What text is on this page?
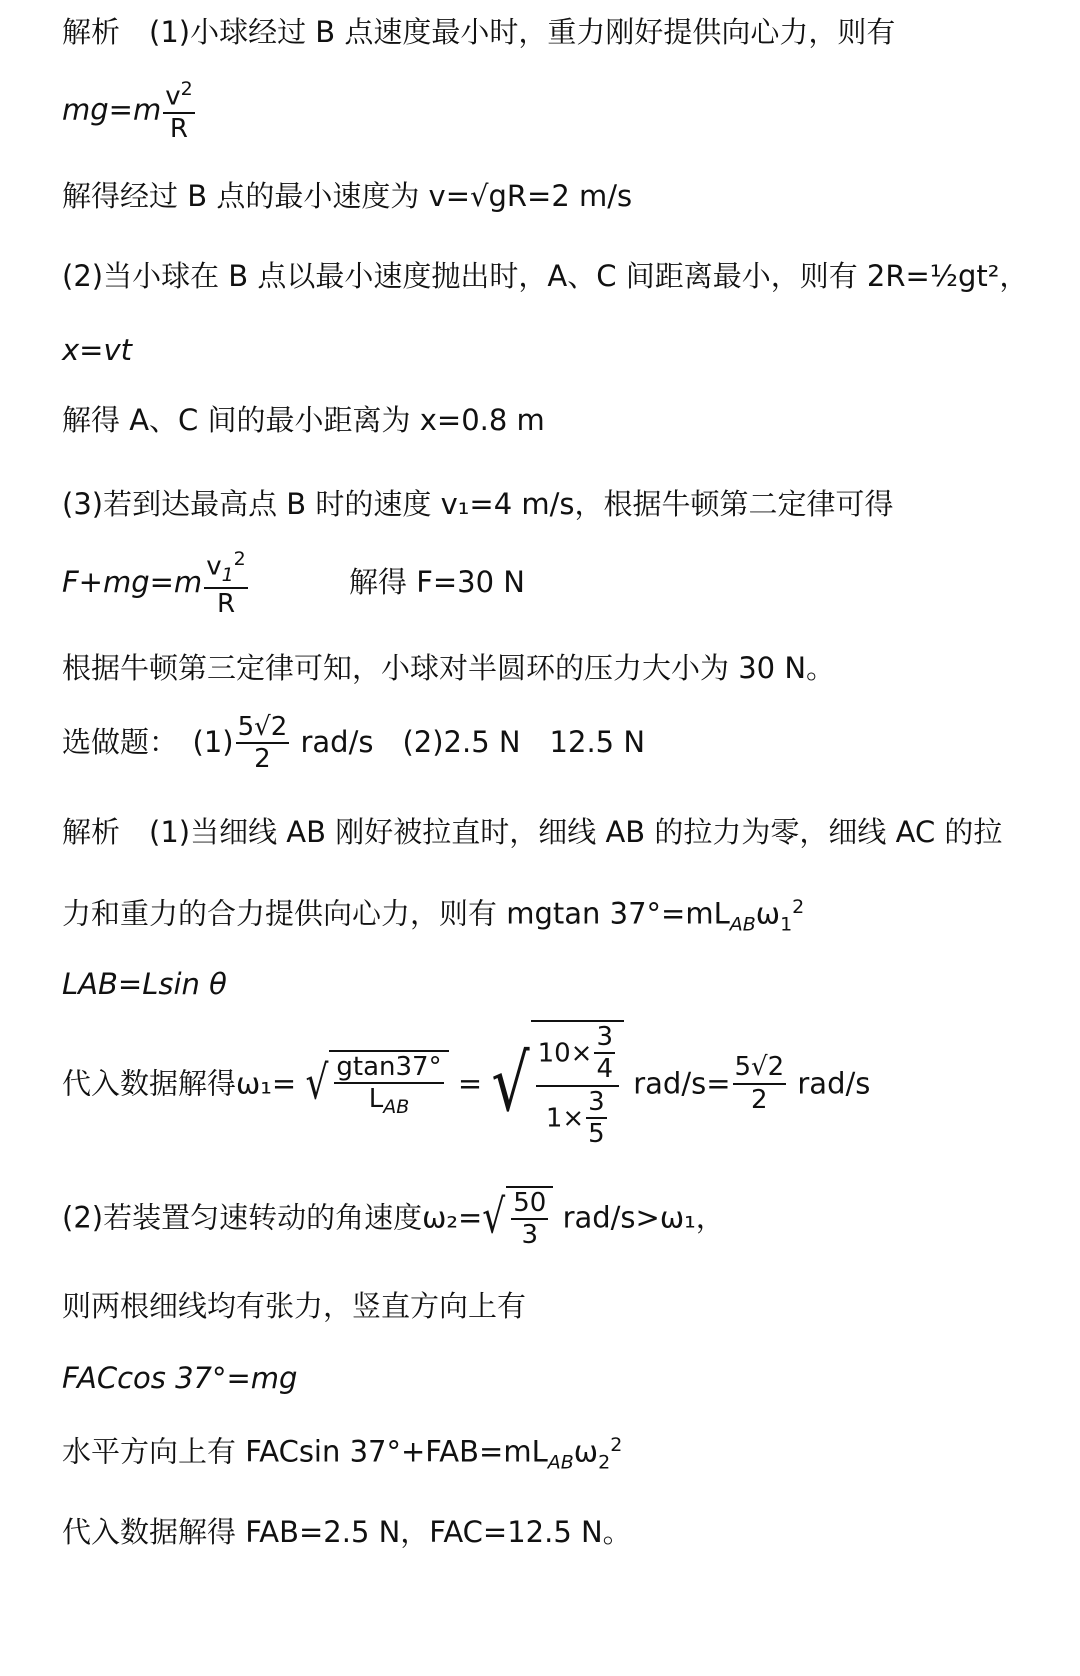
解析　(1)小球经过 B 点速度最小时，重力刚好提供向心力，则有
$mg=m \frac{v^2}{R}$
解得经过 B 点的最小速度为 v=√gR=2 m/s
(2)当小球在 B 点以最小速度抛出时，A、C 间距离最小，则有 2R=½gt²，
x=vt
解得 A、C 间的最小距离为 x=0.8 m
(3)若到达最高点 B 时的速度 v₁=4 m/s，根据牛顿第二定律可得
$F+mg=m \frac{v_1^2}{R}$	解得 F=30 N
根据牛顿第三定律可知，小球对半圆环的压力大小为 30 N。
选做题：　$(1) \frac{5√2}{2} rad/s$　(2)2.5 N　12.5 N
解析　(1)当细线 AB 刚好被拉直时，细线 AB 的拉力为零，细线 AC 的拉
力和重力的合力提供向心力，则有 mgtan $37^\circ=mL_{AB}\omega_1^2$
LAB=Lsin θ
代入数据解得ω₁= √ $\frac{gtan37^\circ}{L_{AB}}$ = √ $\frac{10\times \frac{3}{4}}{1\times \frac{3}{5}} rad/s= \frac{5√2}{2} rad/s$
(2)若装置匀速转动的角速度$\omega_2=√ \frac{50}{3} rad/s>\omega_1$，
则两根细线均有张力，竖直方向上有
FACcos 37°=mg
水平方向上有 FACsin $37^\circ+FAB=mL_{AB}\omega_2^2$
代入数据解得 FAB=2.5 N，FAC=12.5 N。
